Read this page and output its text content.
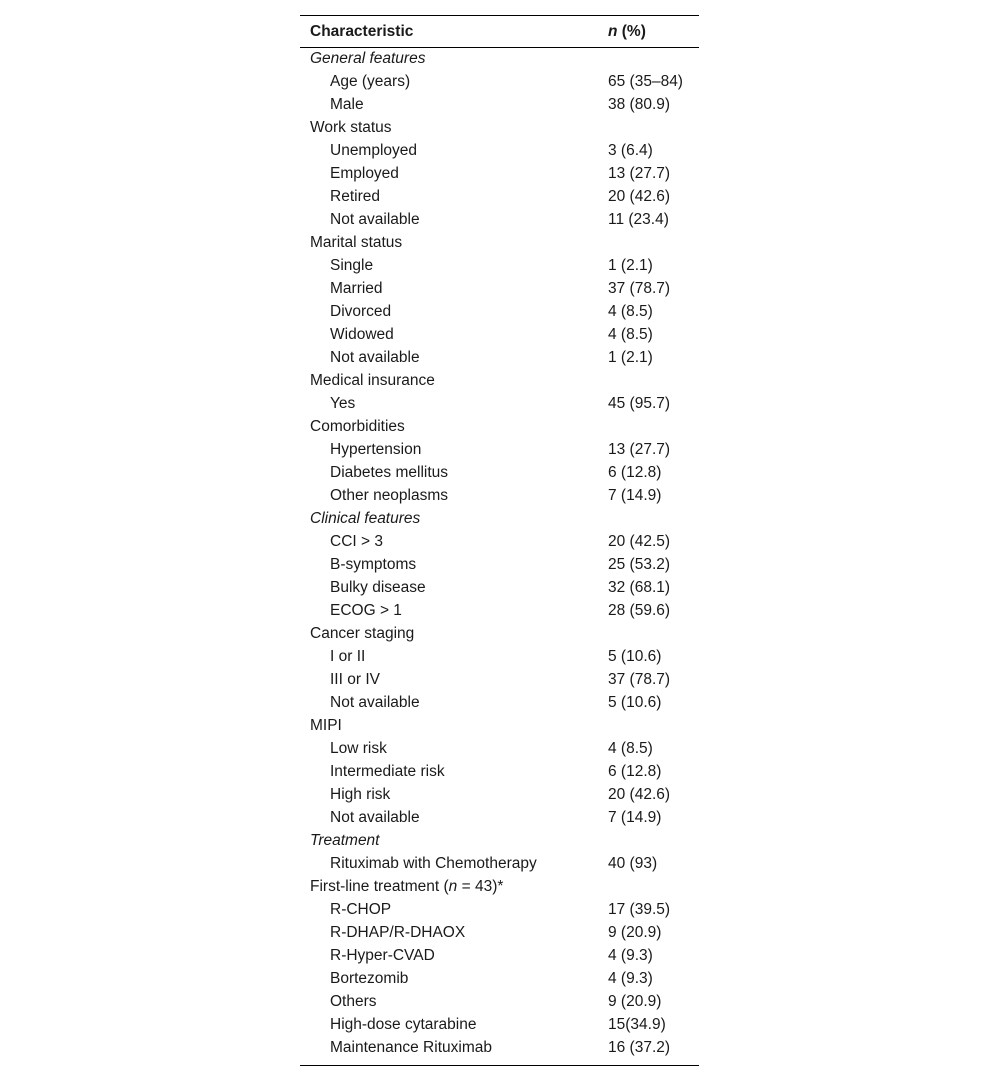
Characteristic	n (%)
General features	
Age (years)	65 (35–84)
Male	38 (80.9)
Work status	
Unemployed	3 (6.4)
Employed	13 (27.7)
Retired	20 (42.6)
Not available	11 (23.4)
Marital status	
Single	1 (2.1)
Married	37 (78.7)
Divorced	4 (8.5)
Widowed	4 (8.5)
Not available	1 (2.1)
Medical insurance	
Yes	45 (95.7)
Comorbidities	
Hypertension	13 (27.7)
Diabetes mellitus	6 (12.8)
Other neoplasms	7 (14.9)
Clinical features	
CCI > 3	20 (42.5)
B-symptoms	25 (53.2)
Bulky disease	32 (68.1)
ECOG > 1	28 (59.6)
Cancer staging	
I or II	5 (10.6)
III or IV	37 (78.7)
Not available	5 (10.6)
MIPI	
Low risk	4 (8.5)
Intermediate risk	6 (12.8)
High risk	20 (42.6)
Not available	7 (14.9)
Treatment	
Rituximab with Chemotherapy	40 (93)
First-line treatment (n = 43)*	
R-CHOP	17 (39.5)
R-DHAP/R-DHAOX	9 (20.9)
R-Hyper-CVAD	4 (9.3)
Bortezomib	4 (9.3)
Others	9 (20.9)
High-dose cytarabine	15(34.9)
Maintenance Rituximab	16 (37.2)
